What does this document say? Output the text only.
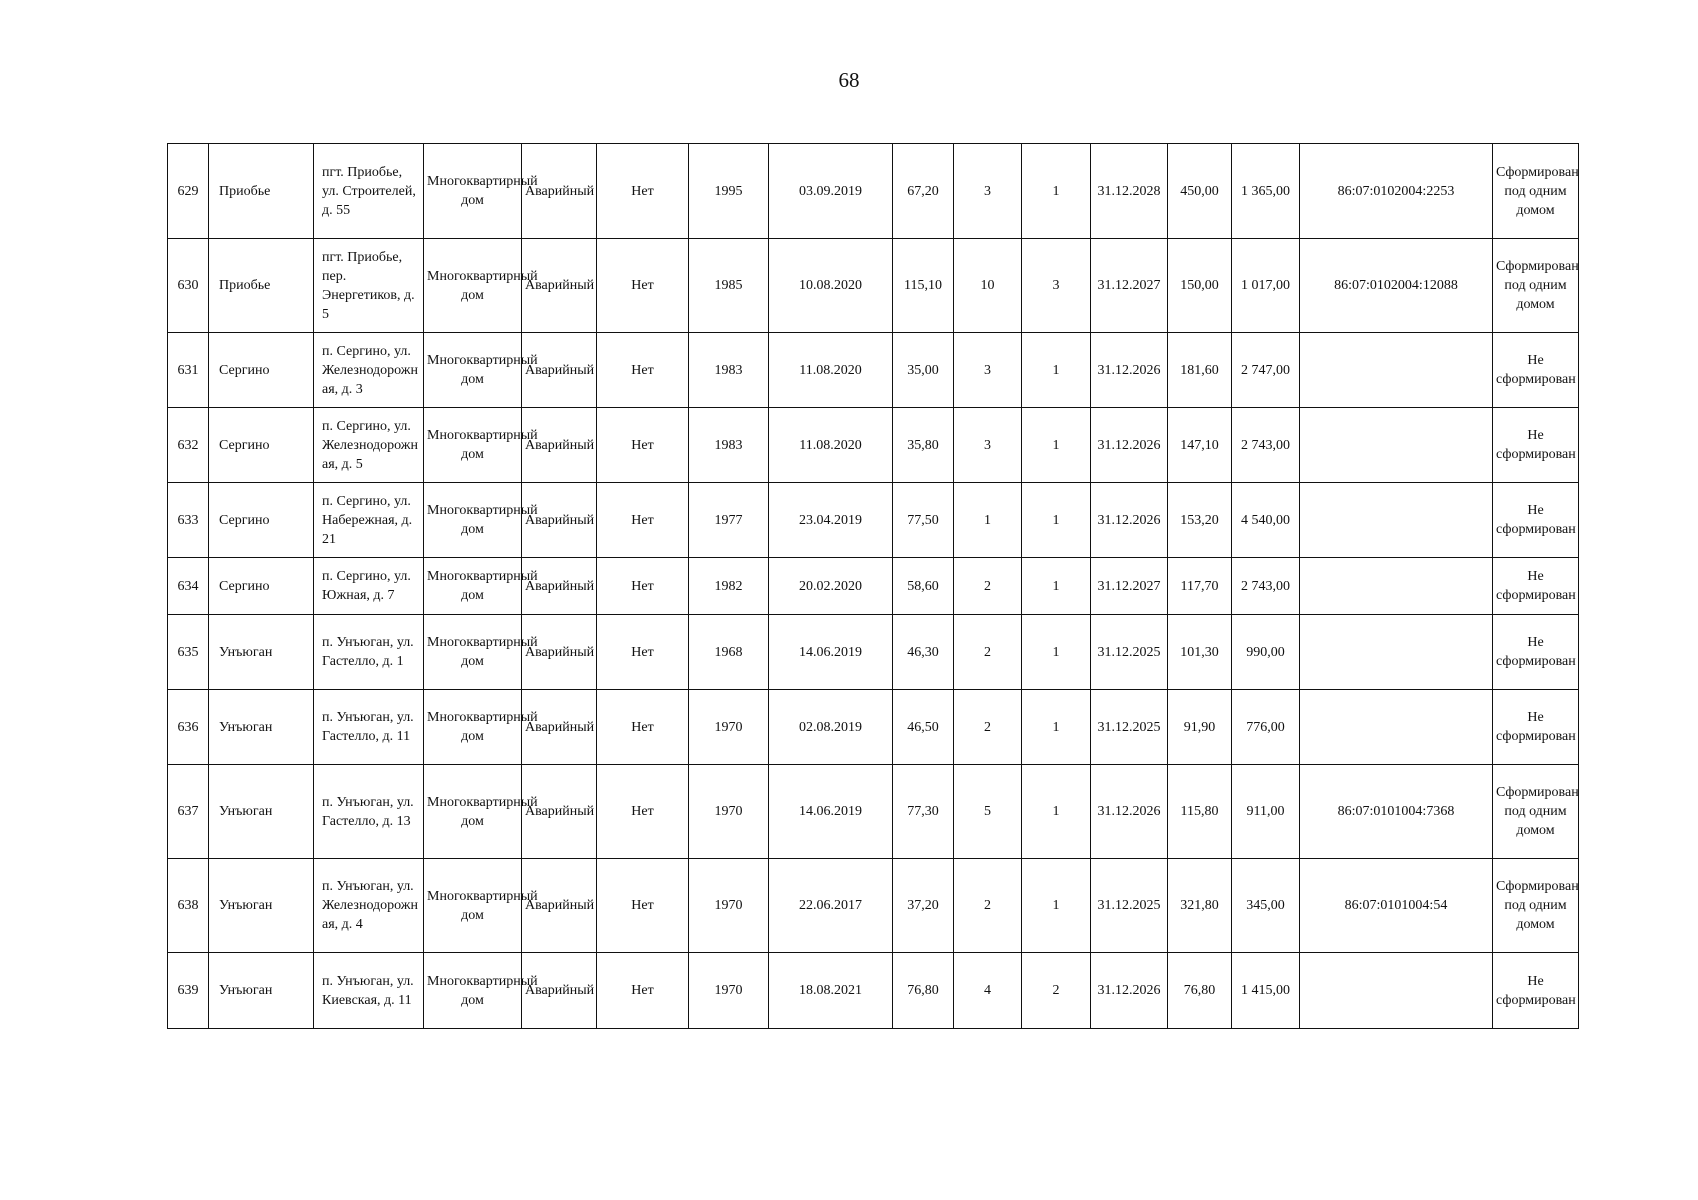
68
629	Приобье	пгт. Приобье, ул. Строителей, д. 55	Многоквартирный дом	Аварийный	Нет	1995	03.09.2019	67,20	3	1	31.12.2028	450,00	1 365,00	86:07:0102004:2253	Сформирован под одним домом

630	Приобье	пгт. Приобье, пер. Энергетиков, д. 5	Многоквартирный дом	Аварийный	Нет	1985	10.08.2020	115,10	10	3	31.12.2027	150,00	1 017,00	86:07:0102004:12088	Сформирован под одним домом

631	Сергино	п. Сергино, ул. Железнодорожная, д. 3	Многоквартирный дом	Аварийный	Нет	1983	11.08.2020	35,00	3	1	31.12.2026	181,60	2 747,00		Не сформирован

632	Сергино	п. Сергино, ул. Железнодорожная, д. 5	Многоквартирный дом	Аварийный	Нет	1983	11.08.2020	35,80	3	1	31.12.2026	147,10	2 743,00		Не сформирован

633	Сергино	п. Сергино, ул. Набережная, д. 21	Многоквартирный дом	Аварийный	Нет	1977	23.04.2019	77,50	1	1	31.12.2026	153,20	4 540,00		Не сформирован

634	Сергино	п. Сергино, ул. Южная, д. 7	Многоквартирный дом	Аварийный	Нет	1982	20.02.2020	58,60	2	1	31.12.2027	117,70	2 743,00		Не сформирован

635	Унъюган	п. Унъюган, ул. Гастелло, д. 1	Многоквартирный дом	Аварийный	Нет	1968	14.06.2019	46,30	2	1	31.12.2025	101,30	990,00		Не сформирован

636	Унъюган	п. Унъюган, ул. Гастелло, д. 11	Многоквартирный дом	Аварийный	Нет	1970	02.08.2019	46,50	2	1	31.12.2025	91,90	776,00		Не сформирован

637	Унъюган	п. Унъюган, ул. Гастелло, д. 13	Многоквартирный дом	Аварийный	Нет	1970	14.06.2019	77,30	5	1	31.12.2026	115,80	911,00	86:07:0101004:7368	Сформирован под одним домом

638	Унъюган	п. Унъюган, ул. Железнодорожная, д. 4	Многоквартирный дом	Аварийный	Нет	1970	22.06.2017	37,20	2	1	31.12.2025	321,80	345,00	86:07:0101004:54	Сформирован под одним домом

639	Унъюган	п. Унъюган, ул. Киевская, д. 11	Многоквартирный дом	Аварийный	Нет	1970	18.08.2021	76,80	4	2	31.12.2026	76,80	1 415,00		Не сформирован
